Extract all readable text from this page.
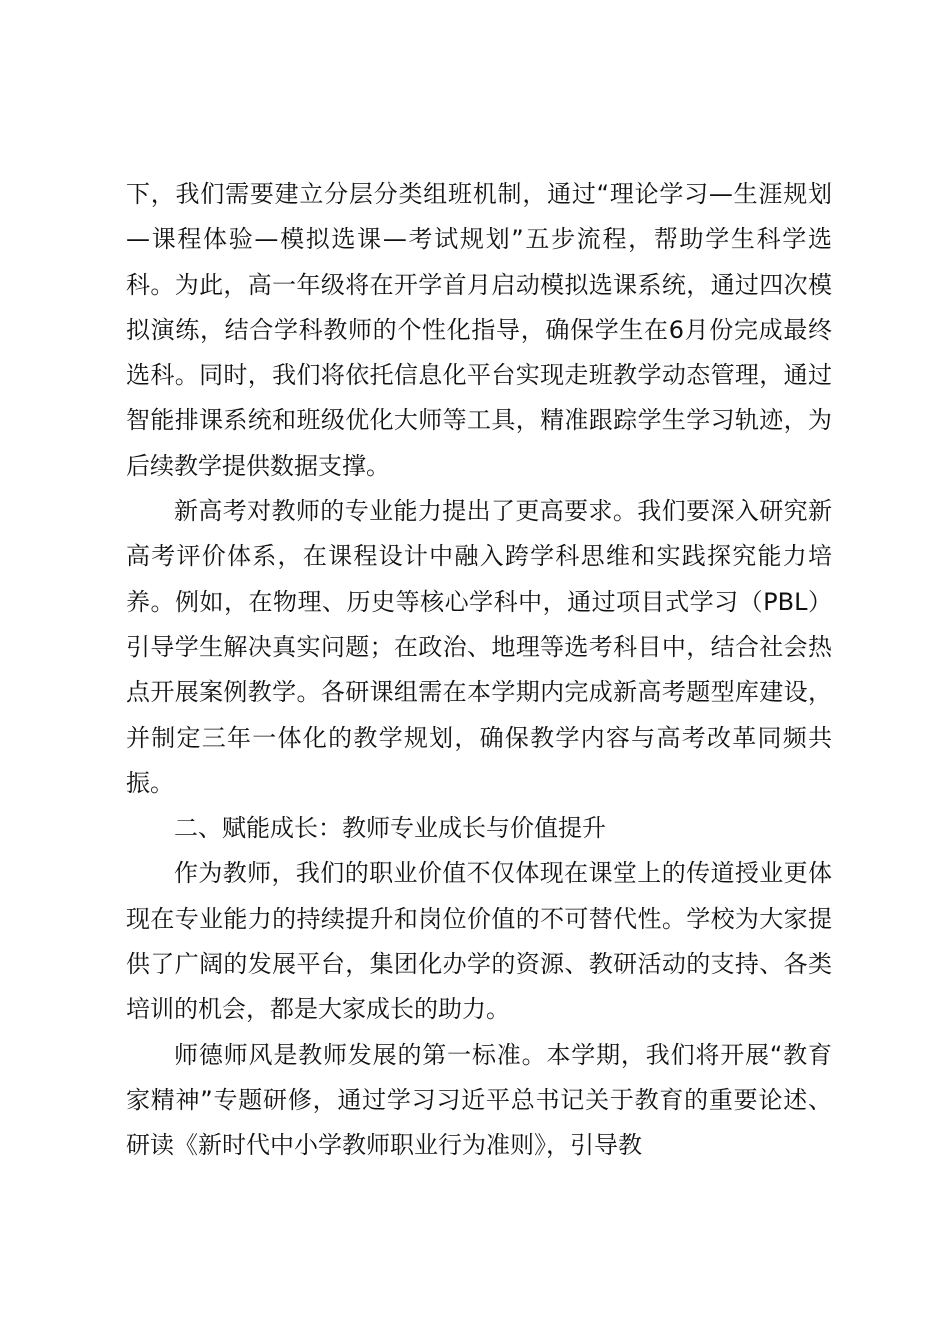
下，我们需要建立分层分类组班机制，通过“理论学习—生涯规划—课程体验—模拟选课—考试规划”五步流程，帮助学生科学选科。为此，高一年级将在开学首月启动模拟选课系统，通过四次模拟演练，结合学科教师的个性化指导，确保学生在6月份完成最终选科。同时，我们将依托信息化平台实现走班教学动态管理，通过智能排课系统和班级优化大师等工具，精准跟踪学生学习轨迹，为后续教学提供数据支撑。

新高考对教师的专业能力提出了更高要求。我们要深入研究新高考评价体系，在课程设计中融入跨学科思维和实践探究能力培养。例如，在物理、历史等核心学科中，通过项目式学习（PBL）引导学生解决真实问题；在政治、地理等选考科目中，结合社会热点开展案例教学。各研课组需在本学期内完成新高考题型库建设，并制定三年一体化的教学规划，确保教学内容与高考改革同频共振。

二、赋能成长：教师专业成长与价值提升

作为教师，我们的职业价值不仅体现在课堂上的传道授业更体现在专业能力的持续提升和岗位价值的不可替代性。学校为大家提供了广阔的发展平台，集团化办学的资源、教研活动的支持、各类培训的机会，都是大家成长的助力。

师德师风是教师发展的第一标准。本学期，我们将开展“教育家精神”专题研修，通过学习习近平总书记关于教育的重要论述、研读《新时代中小学教师职业行为准则》，引导教
